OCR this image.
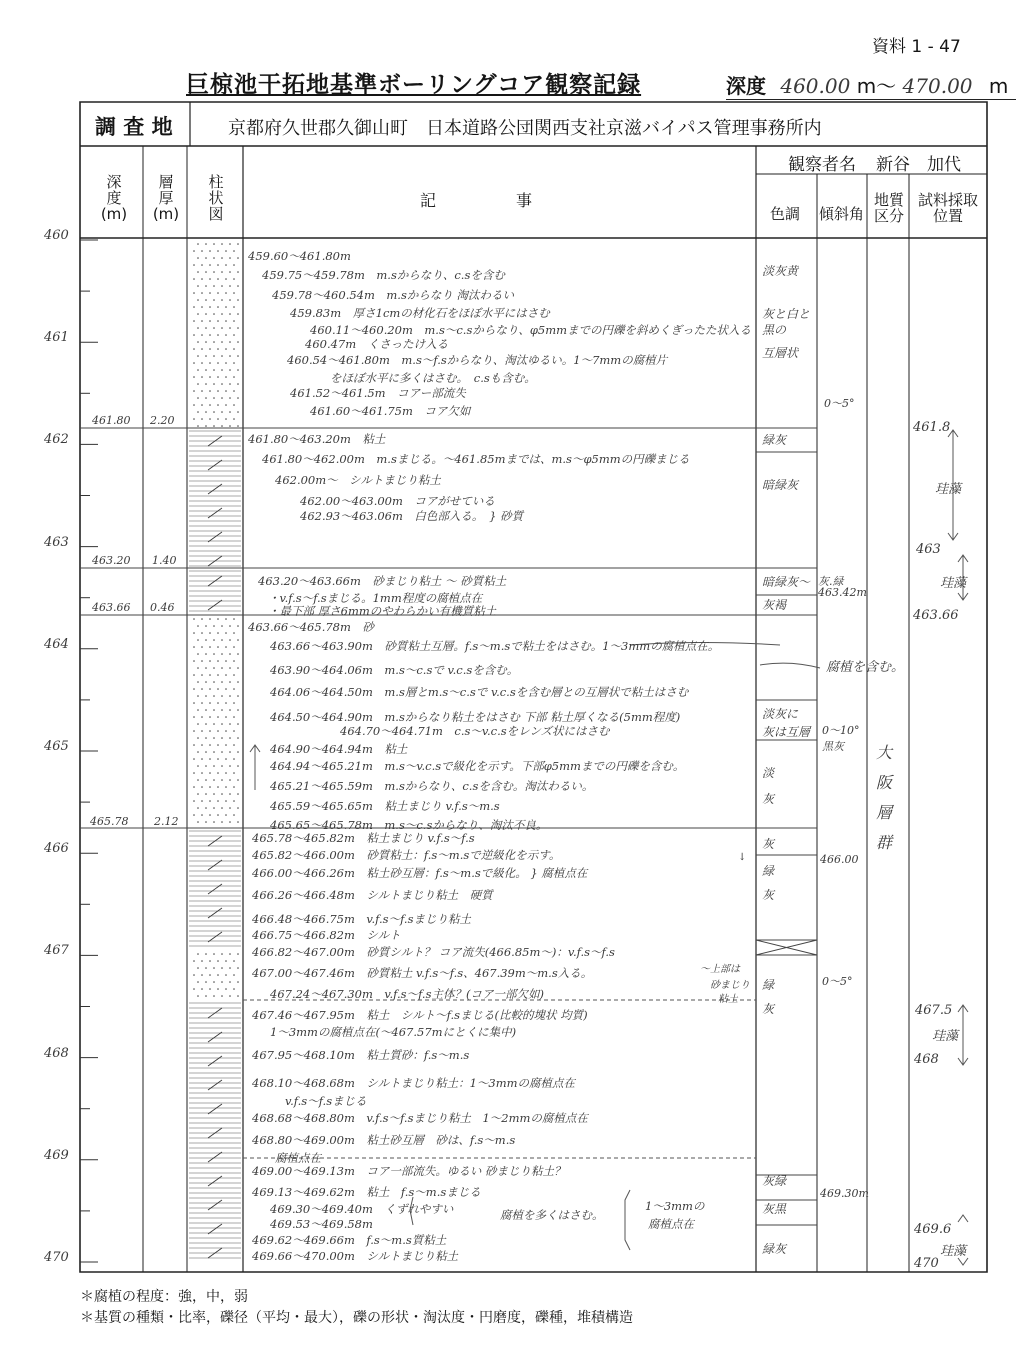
資料 1 - 47
巨椋池干拓地基準ボーリングコア観察記録	深度 460.00 m〜 470.00 m
調 査 地	京都府久世郡久御山町　日本道路公団関西支社京滋バイパス管理事務所内
観察者名 新谷　加代
深
度
(m)
層
厚
(m)
柱
状
図
記　　　　　事
色調 傾斜角
地質
区分
試料採取
位置
460
461
462
463
464
465
466
467
468
469
470
461.80 2.20
463.20 1.40
463.66 0.46
465.78 2.12
459.60〜461.80m
459.75〜459.78m　m.sからなり、c.sを含む
459.78〜460.54m　m.sからなり 淘汰わるい
459.83m　厚さ1cmの材化石をほぼ水平にはさむ
460.11〜460.20m　m.s〜c.sからなり、φ5mmまでの円礫を斜めくぎったた状入る
460.47m　くさったけ入る
460.54〜461.80m　m.s〜f.sからなり、淘汰ゆるい。1〜7mmの腐植片
をほぼ水平に多くはさむ。　c.sも含む。
461.52〜461.5m　コアー部流失
461.60〜461.75m　コア欠如
461.80〜463.20m　粘土
461.80〜462.00m　m.sまじる。〜461.85mまでは、m.s〜φ5mmの円礫まじる
462.00m〜　シルトまじり粘土
462.00〜463.00m　コアがせている
462.93〜463.06m　白色部入る。　} 砂質
463.20〜463.66m　砂まじり粘土 〜 砂質粘土
・v.f.s〜f.sまじる。1mm程度の腐植点在
・最下部 厚さ6mmのやわらかい有機質粘土
463.66〜465.78m　砂
463.66〜463.90m　砂質粘土互層。f.s〜m.sで粘土をはさむ。1〜3mmの腐植点在。
463.90〜464.06m　m.s〜c.sで v.c.sを含む。
464.06〜464.50m　m.s層とm.s〜c.sで v.c.sを含む層との互層状で粘土はさむ
464.50〜464.90m　m.sからなり粘土をはさむ 下部 粘土厚くなる(5mm程度)
464.70〜464.71m　c.s〜v.c.sをレンズ状にはさむ
464.90〜464.94m　粘土
464.94〜465.21m　m.s〜v.c.sで級化を示す。下部φ5mmまでの円礫を含む。
465.21〜465.59m　m.sからなり、c.sを含む。淘汰わるい。
465.59〜465.65m　粘土まじり v.f.s〜m.s
465.65〜465.78m　m.s〜c.sからなり、淘汰不良。
465.78〜465.82m　粘土まじり v.f.s〜f.s
465.82〜466.00m　砂質粘土：f.s〜m.sで逆級化を示す。
466.00〜466.26m　粘土砂互層：f.s〜m.sで級化。 } 腐植点在
466.26〜466.48m　シルトまじり粘土　硬質
466.48〜466.75m　v.f.s〜f.sまじり粘土
466.75〜466.82m　シルト
466.82〜467.00m　砂質シルト？ コア流失(466.85m〜)：v.f.s〜f.s
467.00〜467.46m　砂質粘土 v.f.s〜f.s、467.39m〜m.s入る。
467.24〜467.30m　v.f.s〜f.s主体？(コア一部欠如)
467.46〜467.95m　粘土　シルト〜f.sまじる(比較的塊状 均質)
1〜3mmの腐植点在(〜467.57mにとくに集中)
467.95〜468.10m　粘土質砂：f.s〜m.s
468.10〜468.68m　シルトまじり粘土：1〜3mmの腐植点在
v.f.s〜f.sまじる
468.68〜468.80m　v.f.s〜f.sまじり粘土　1〜2mmの腐植点在
468.80〜469.00m　粘土砂互層　砂は、f.s〜m.s
腐植点在
469.00〜469.13m　コア一部流失。ゆるい 砂まじり粘土？
469.13〜469.62m　粘土　f.s〜m.sまじる
469.30〜469.40m　くずれやすい
469.53〜469.58m
469.62〜469.66m　f.s〜m.s質粘土
469.66〜470.00m　シルトまじり粘土
腐植を含む。
1〜3mmの
腐植点在
腐植を多くはさむ。
〜上部は
砂まじり
粘土
↓
淡灰黄
灰と白と
黒の
互層状
緑灰
暗緑灰
暗緑灰〜
灰褐
淡灰に
灰は互層
淡
灰
灰
緑
灰
緑
灰
灰緑
灰黒
緑灰
0〜5°
灰.緑
463.42m
0〜10°
黒灰
466.00
0〜5°
469.30m
大
阪
層
群
461.8
珪藻
463
珪藻
463.66
467.5
珪藻
468
469.6
470
珪藻
＊腐植の程度：強，中，弱
＊基質の種類・比率，礫径（平均・最大），礫の形状・淘汰度・円磨度，礫種，堆積構造
